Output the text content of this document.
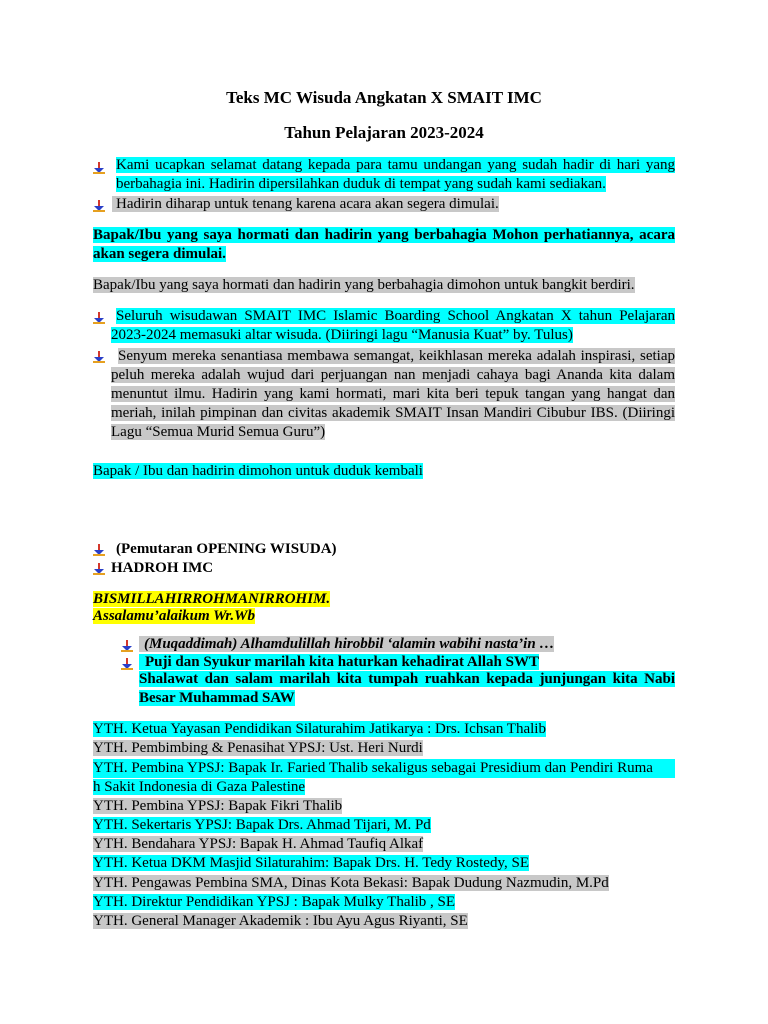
Teks MC Wisuda Angkatan X SMAIT IMC
Tahun Pelajaran 2023-2024
Kami ucapkan selamat datang kepada para tamu undangan yang sudah hadir di hari yang berbahagia ini. Hadirin dipersilahkan duduk di tempat yang sudah kami sediakan.
Hadirin diharap untuk tenang karena acara akan segera dimulai.
Bapak/Ibu yang saya hormati dan hadirin yang berbahagia Mohon perhatiannya, acara akan segera dimulai.
Bapak/Ibu yang saya hormati dan hadirin yang berbahagia dimohon untuk bangkit berdiri.
Seluruh wisudawan SMAIT IMC Islamic Boarding School Angkatan X tahun Pelajaran 2023-2024 memasuki altar wisuda. (Diiringi lagu “Manusia Kuat” by. Tulus)
Senyum mereka senantiasa membawa semangat, keikhlasan mereka adalah inspirasi, setiap peluh mereka adalah wujud dari perjuangan nan menjadi cahaya bagi Ananda kita dalam menuntut ilmu. Hadirin yang kami hormati, mari kita beri tepuk tangan yang hangat dan meriah, inilah pimpinan dan civitas akademik SMAIT Insan Mandiri Cibubur IBS. (Diiringi Lagu “Semua Murid Semua Guru”)
Bapak / Ibu dan hadirin dimohon untuk duduk kembali
(Pemutaran OPENING WISUDA)
HADROH IMC
BISMILLAHIRROHMANIRROHIM.
Assalamu’alaikum Wr.Wb
(Muqaddimah) Alhamdulillah hirobbil ‘alamin wabihi nasta’in …
Puji dan Syukur marilah kita haturkan kehadirat Allah SWT
Shalawat dan salam marilah kita tumpah ruahkan kepada junjungan kita Nabi Besar Muhammad SAW
YTH. Ketua Yayasan Pendidikan Silaturahim Jatikarya : Drs. Ichsan Thalib
YTH. Pembimbing & Penasihat YPSJ: Ust. Heri Nurdi
YTH. Pembina YPSJ: Bapak Ir. Faried Thalib sekaligus sebagai Presidium dan Pendiri Ruma
h Sakit Indonesia di Gaza Palestine
YTH. Pembina YPSJ: Bapak Fikri Thalib
YTH. Sekertaris YPSJ: Bapak Drs. Ahmad Tijari, M. Pd
YTH. Bendahara YPSJ: Bapak H. Ahmad Taufiq Alkaf
YTH. Ketua DKM Masjid Silaturahim: Bapak Drs. H. Tedy Rostedy, SE
YTH. Pengawas Pembina SMA, Dinas Kota Bekasi: Bapak Dudung Nazmudin, M.Pd
YTH. Direktur Pendidikan YPSJ : Bapak Mulky Thalib , SE
YTH. General Manager Akademik : Ibu Ayu Agus Riyanti, SE
